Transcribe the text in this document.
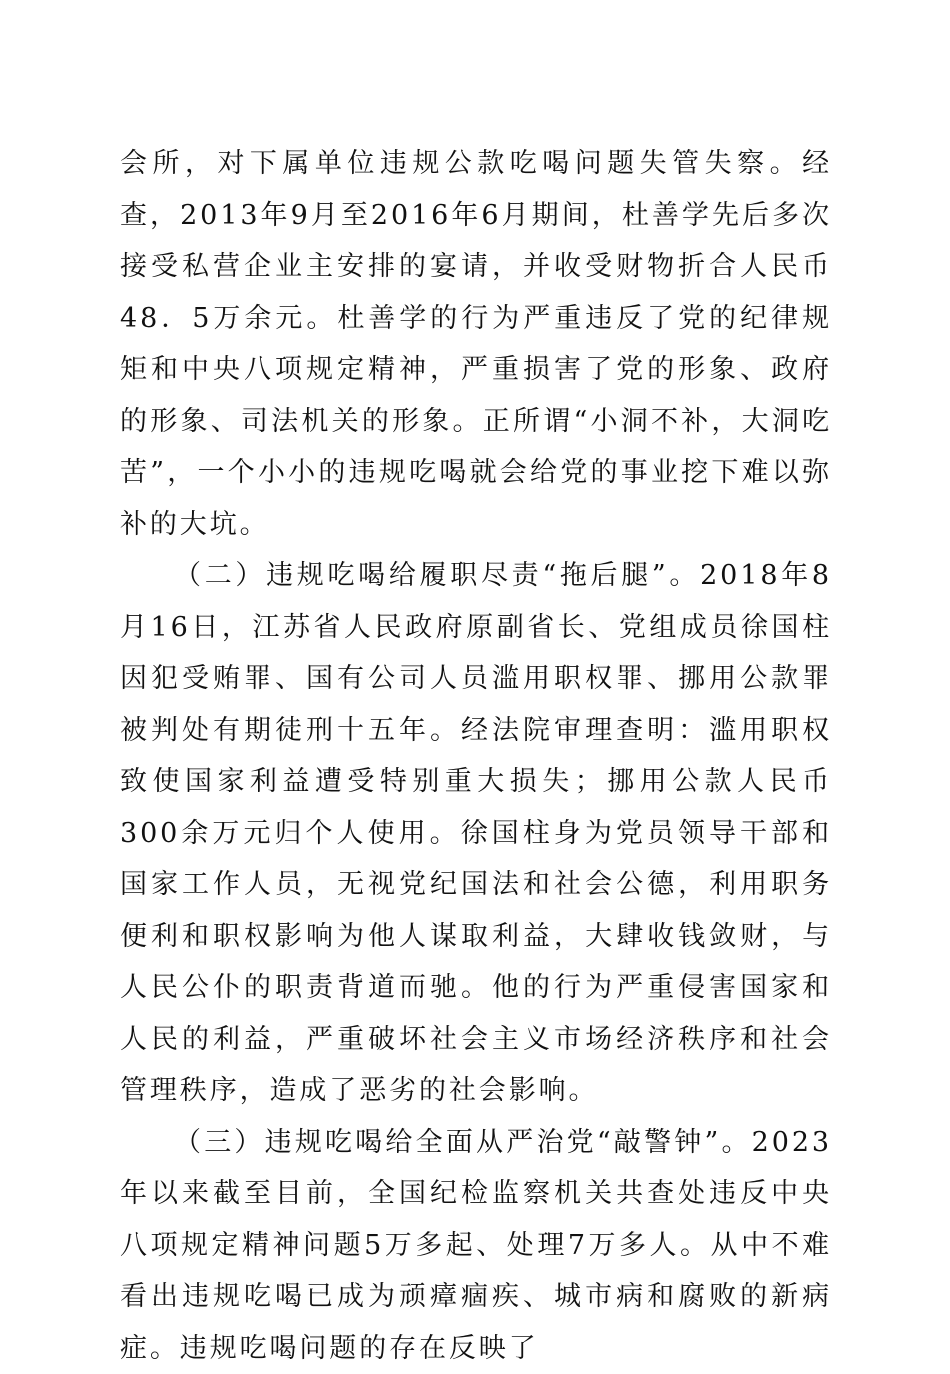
会所，对下属单位违规公款吃喝问题失管失察。经查，2013年9月至2016年6月期间，杜善学先后多次接受私营企业主安排的宴请，并收受财物折合人民币48．5万余元。杜善学的行为严重违反了党的纪律规矩和中央八项规定精神，严重损害了党的形象、政府的形象、司法机关的形象。正所谓“小洞不补，大洞吃苦”，一个小小的违规吃喝就会给党的事业挖下难以弥补的大坑。

（二）违规吃喝给履职尽责“拖后腿”。2018年8月16日，江苏省人民政府原副省长、党组成员徐国柱因犯受贿罪、国有公司人员滥用职权罪、挪用公款罪被判处有期徒刑十五年。经法院审理查明：滥用职权致使国家利益遭受特别重大损失；挪用公款人民币300余万元归个人使用。徐国柱身为党员领导干部和国家工作人员，无视党纪国法和社会公德，利用职务便利和职权影响为他人谋取利益，大肆收钱敛财，与人民公仆的职责背道而驰。他的行为严重侵害国家和人民的利益，严重破坏社会主义市场经济秩序和社会管理秩序，造成了恶劣的社会影响。

（三）违规吃喝给全面从严治党“敲警钟”。2023年以来截至目前，全国纪检监察机关共查处违反中央八项规定精神问题5万多起、处理7万多人。从中不难看出违规吃喝已成为顽瘴痼疾、城市病和腐败的新病症。违规吃喝问题的存在反映了
